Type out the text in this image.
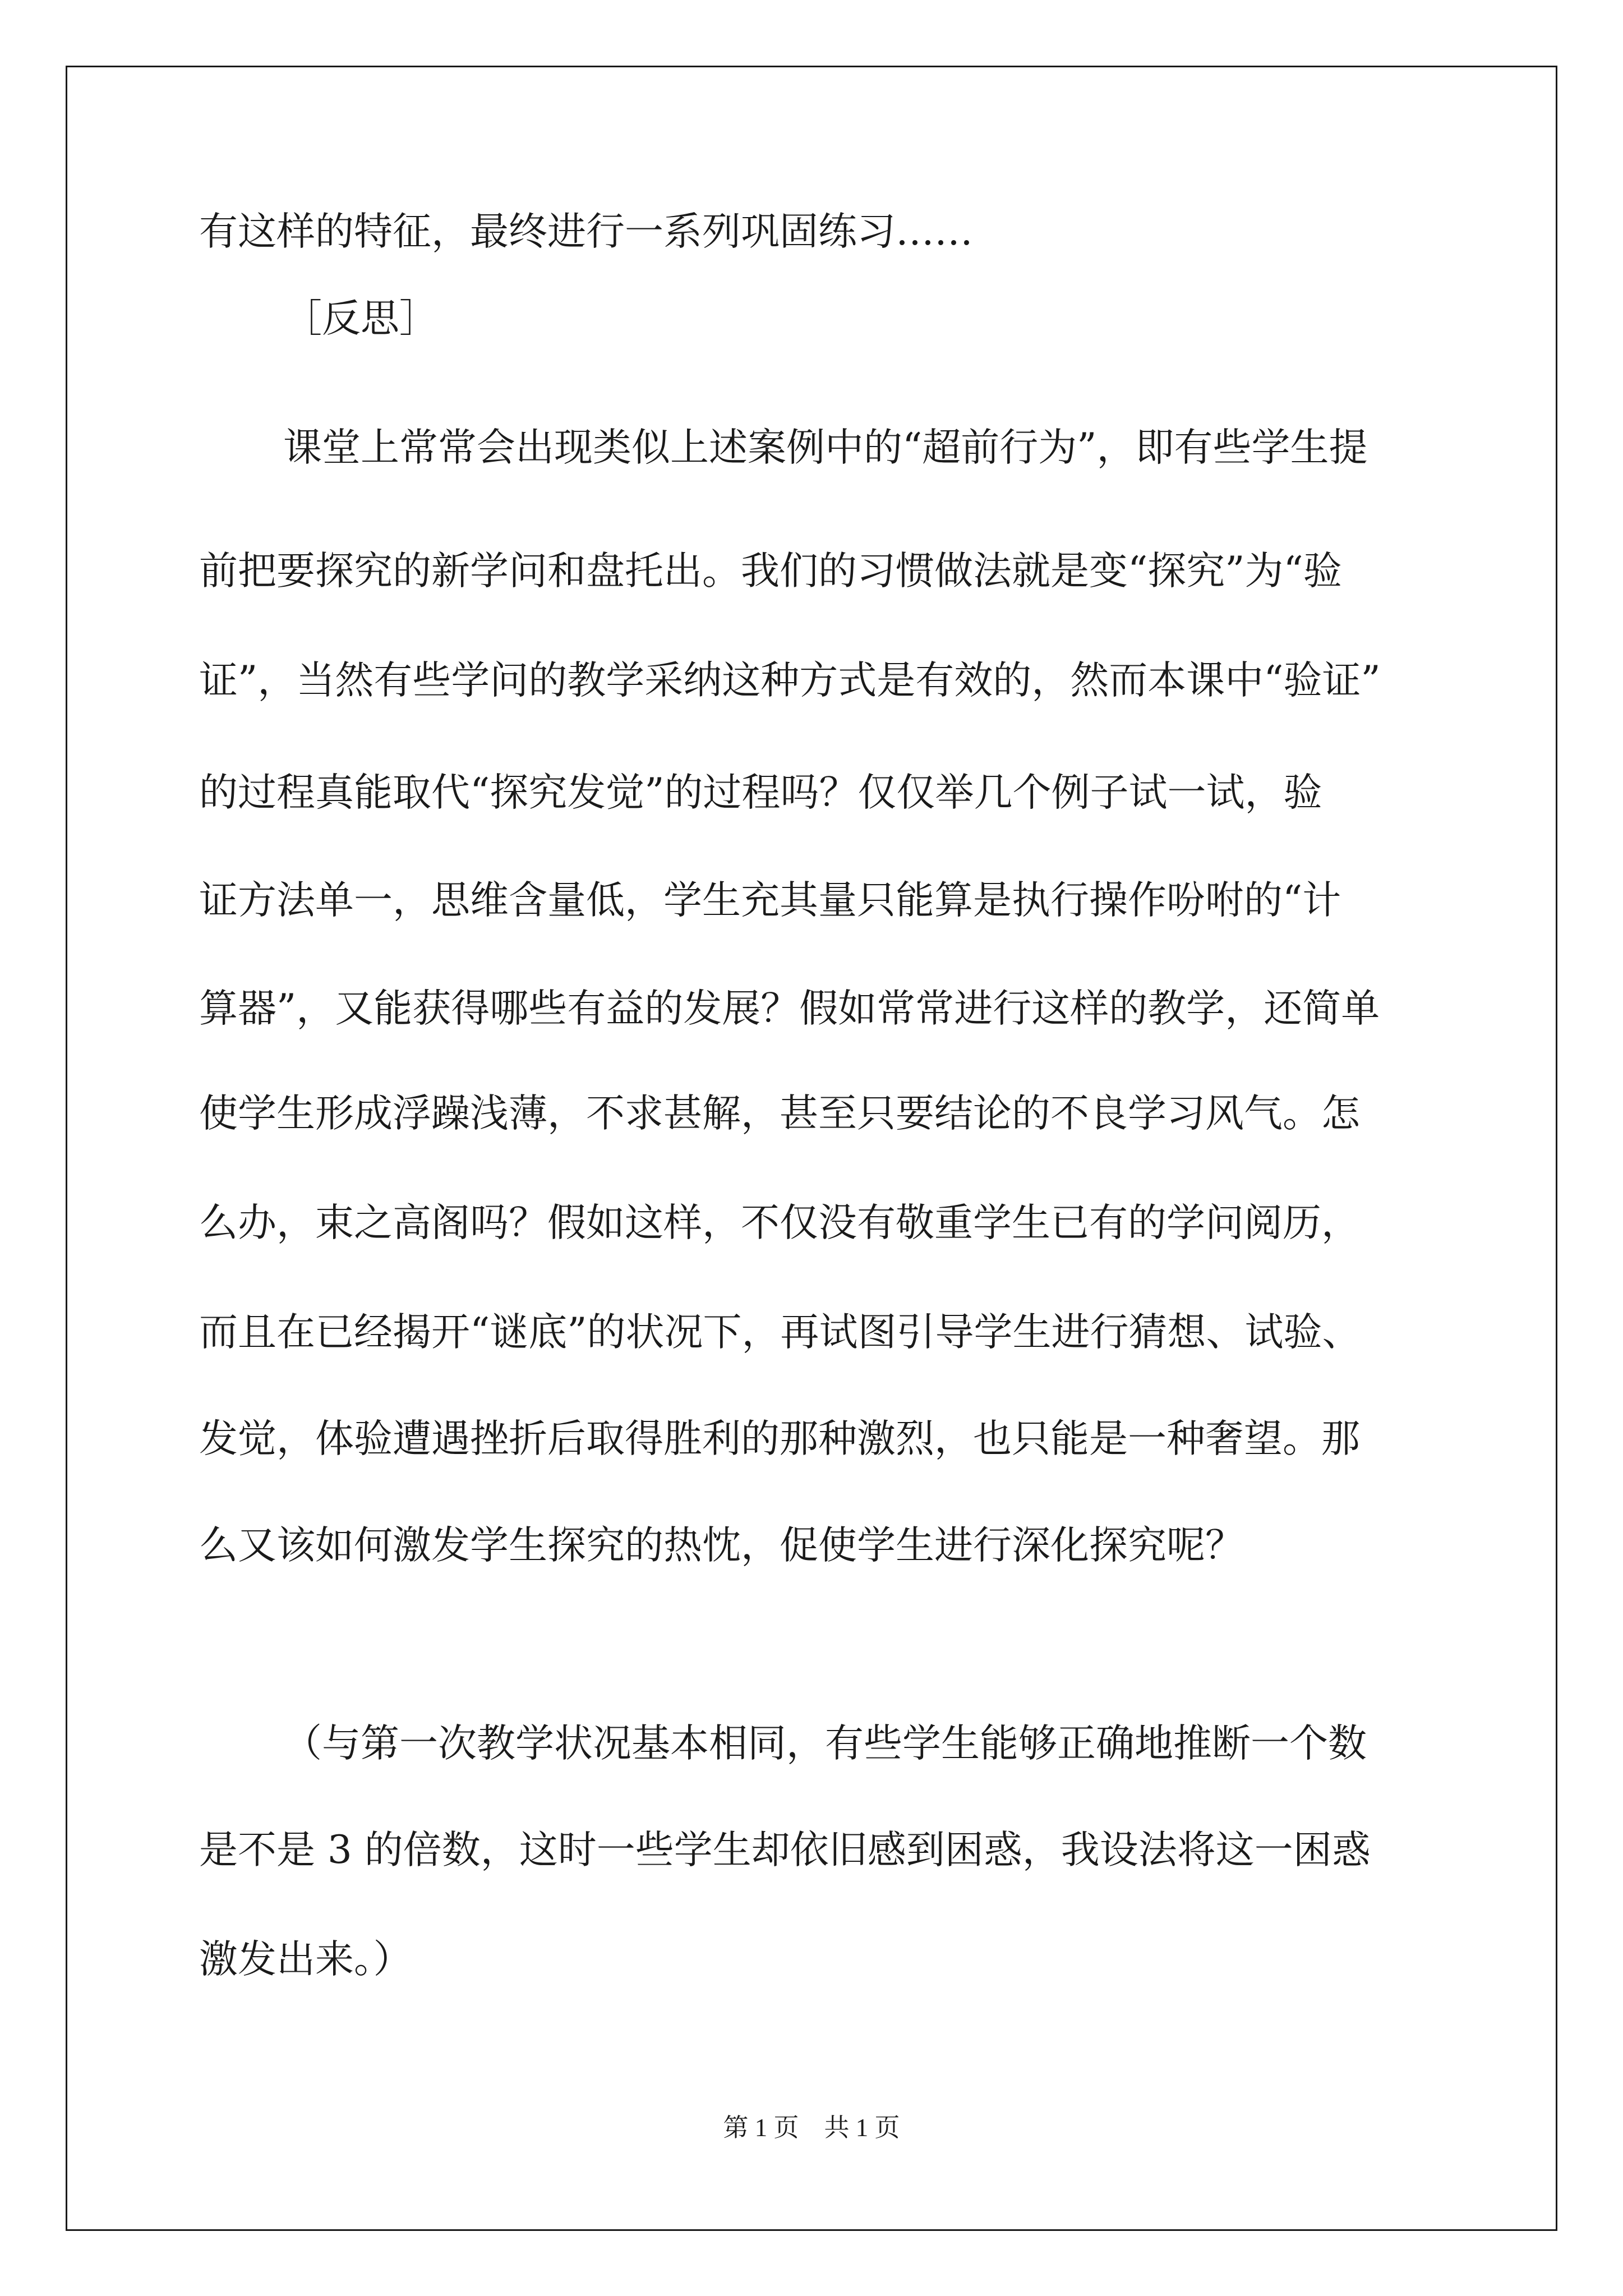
有这样的特征，最终进行一系列巩固练习……

［反思］

课堂上常常会出现类似上述案例中的“超前行为”，即有些学生提

前把要探究的新学问和盘托出。我们的习惯做法就是变“探究”为“验

证”，当然有些学问的教学采纳这种方式是有效的，然而本课中“验证”

的过程真能取代“探究发觉”的过程吗？仅仅举几个例子试一试，验

证方法单一，思维含量低，学生充其量只能算是执行操作吩咐的“计

算器”，又能获得哪些有益的发展？假如常常进行这样的教学，还简单

使学生形成浮躁浅薄，不求甚解，甚至只要结论的不良学习风气。怎

么办，束之高阁吗？假如这样，不仅没有敬重学生已有的学问阅历，

而且在已经揭开“谜底”的状况下，再试图引导学生进行猜想、试验、

发觉，体验遭遇挫折后取得胜利的那种激烈，也只能是一种奢望。那

么又该如何激发学生探究的热忱，促使学生进行深化探究呢？

（与第一次教学状况基本相同，有些学生能够正确地推断一个数

是不是 3 的倍数，这时一些学生却依旧感到困惑，我设法将这一困惑

激发出来。）

第 1 页　共 1 页
